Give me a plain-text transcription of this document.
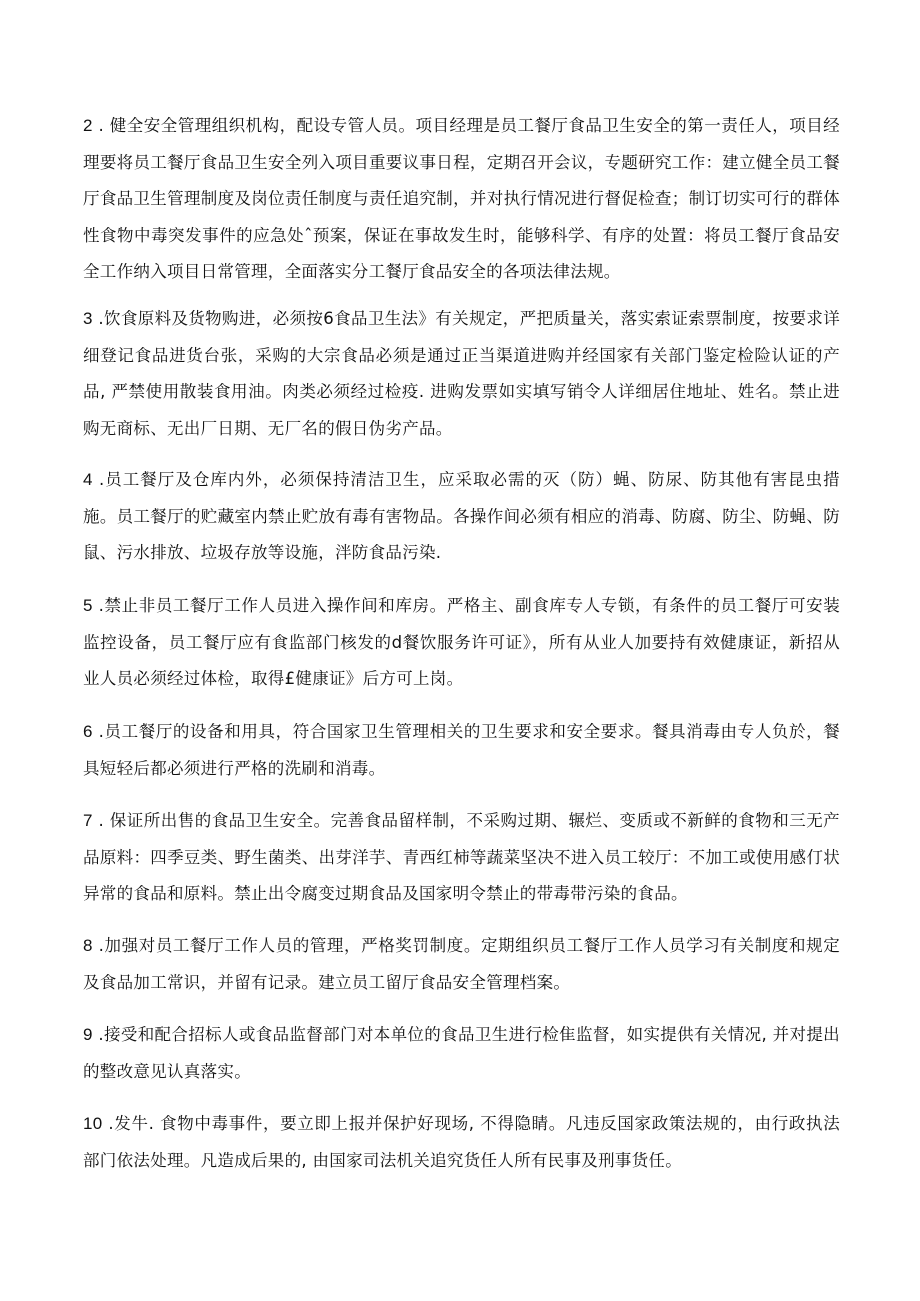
2 . 健全安全管理组织机构，配设专管人员。项目经理是员工餐厅食品卫生安全的第一责任人，项目经理要将员工餐厅食品卫生安全列入项目重要议事日程，定期召开会议，专题研究工作：建立健全员工餐厅食品卫生管理制度及岗位责任制度与责任追究制，并对执行情况进行督促检查；制订切实可行的群体性食物中毒突发事件的应急处ˆ预案，保证在事故发生时，能够科学、有序的处置：将员工餐厅食品安全工作纳入项目日常管理，全面落实分工餐厅食品安全的各项法律法规。

3 .饮食原料及货物购进，必须按6食品卫生法》有关规定，严把质量关，落实索证索票制度，按要求详细登记食品进货台张，采购的大宗食品必须是通过正当渠道进购并经国家有关部门鉴定检险认证的产品, 严禁使用散装食用油。肉类必须经过检疫. 进购发票如实填写销令人详细居住地址、姓名。禁止进购无商标、无出厂日期、无厂名的假日伪劣产品。

4 .员工餐厅及仓库内外，必须保持清洁卫生，应采取必需的灭（防）蝇、防尿、防其他有害昆虫措施。员工餐厅的贮藏室内禁止贮放有毒有害物品。各操作间必须有相应的消毒、防腐、防尘、防蝇、防鼠、污水排放、垃圾存放等设施，泮防食品污染.

5 .禁止非员工餐厅工作人员进入操作间和库房。严格主、副食库专人专锁，有条件的员工餐厅可安装监控设备，员工餐厅应有食监部门核发的d餐饮服务许可证》，所有从业人加要持有效健康证，新招从业人员必须经过体检，取得£健康证》后方可上岗。

6 .员工餐厅的设备和用具，符合国家卫生管理相关的卫生要求和安全要求。餐具消毒由专人负於，餐具短轻后都必须进行严格的洗刷和消毒。

7 . 保证所出售的食品卫生安全。完善食品留样制，不采购过期、辗烂、变质或不新鲜的食物和三无产品原料：四季豆类、野生菌类、出芽洋芋、青西红柿等蔬菜坚决不进入员工较厅：不加工或使用感仃状异常的食品和原料。禁止出令腐变过期食品及国家明令禁止的带毒带污染的食品。

8 .加强对员工餐厅工作人员的管理，严格奖罚制度。定期组织员工餐厅工作人员学习有关制度和规定及食品加工常识，并留有记录。建立员工留厅食品安全管理档案。

9 .接受和配合招标人或食品监督部门对本单位的食品卫生进行检隹监督，如实提供有关情况, 并对提出的整改意见认真落实。

10 .发牛. 食物中毒事件，要立即上报并保护好现场, 不得隐睛。凡违反国家政策法规的，由行政执法部门依法处理。凡造成后果的, 由国家司法机关追究货任人所有民事及刑事货任。
